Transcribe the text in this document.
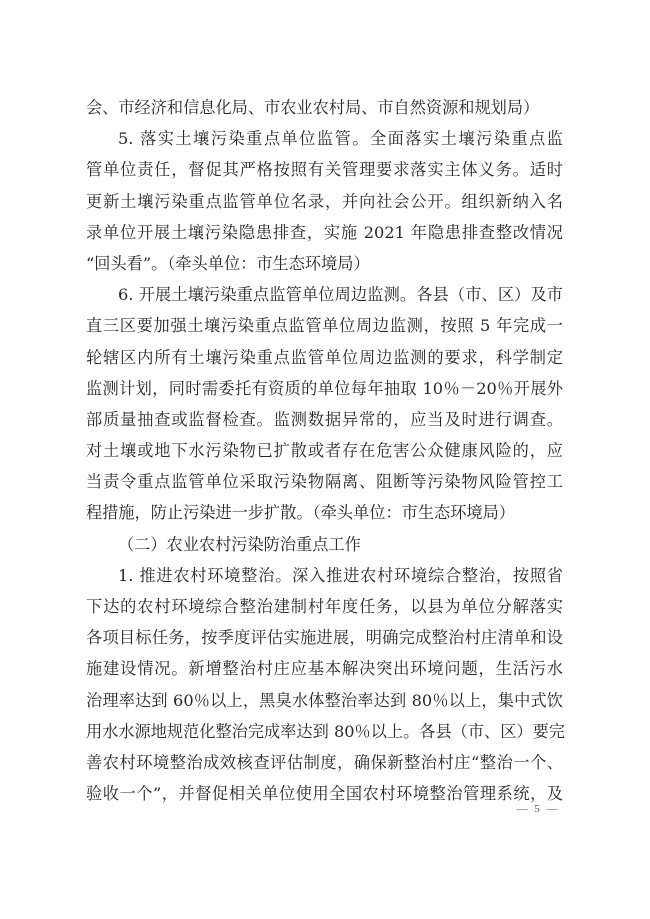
会、市经济和信息化局、市农业农村局、市自然资源和规划局）
5. 落实土壤污染重点单位监管。全面落实土壤污染重点监
管单位责任，督促其严格按照有关管理要求落实主体义务。适时
更新土壤污染重点监管单位名录，并向社会公开。组织新纳入名
录单位开展土壤污染隐患排查，实施 2021 年隐患排查整改情况
“回头看”。（牵头单位：市生态环境局）
6. 开展土壤污染重点监管单位周边监测。各县（市、区）及市
直三区要加强土壤污染重点监管单位周边监测，按照 5 年完成一
轮辖区内所有土壤污染重点监管单位周边监测的要求，科学制定
监测计划，同时需委托有资质的单位每年抽取 10％－20％开展外
部质量抽查或监督检查。监测数据异常的，应当及时进行调查。
对土壤或地下水污染物已扩散或者存在危害公众健康风险的，应
当责令重点监管单位采取污染物隔离、阻断等污染物风险管控工
程措施，防止污染进一步扩散。（牵头单位：市生态环境局）
（二）农业农村污染防治重点工作
1. 推进农村环境整治。深入推进农村环境综合整治，按照省
下达的农村环境综合整治建制村年度任务，以县为单位分解落实
各项目标任务，按季度评估实施进展，明确完成整治村庄清单和设
施建设情况。新增整治村庄应基本解决突出环境问题，生活污水
治理率达到 60％以上，黑臭水体整治率达到 80％以上，集中式饮
用水水源地规范化整治完成率达到 80％以上。各县（市、区）要完
善农村环境整治成效核查评估制度，确保新整治村庄“整治一个、
验收一个”，并督促相关单位使用全国农村环境整治管理系统，及
— 5 —
